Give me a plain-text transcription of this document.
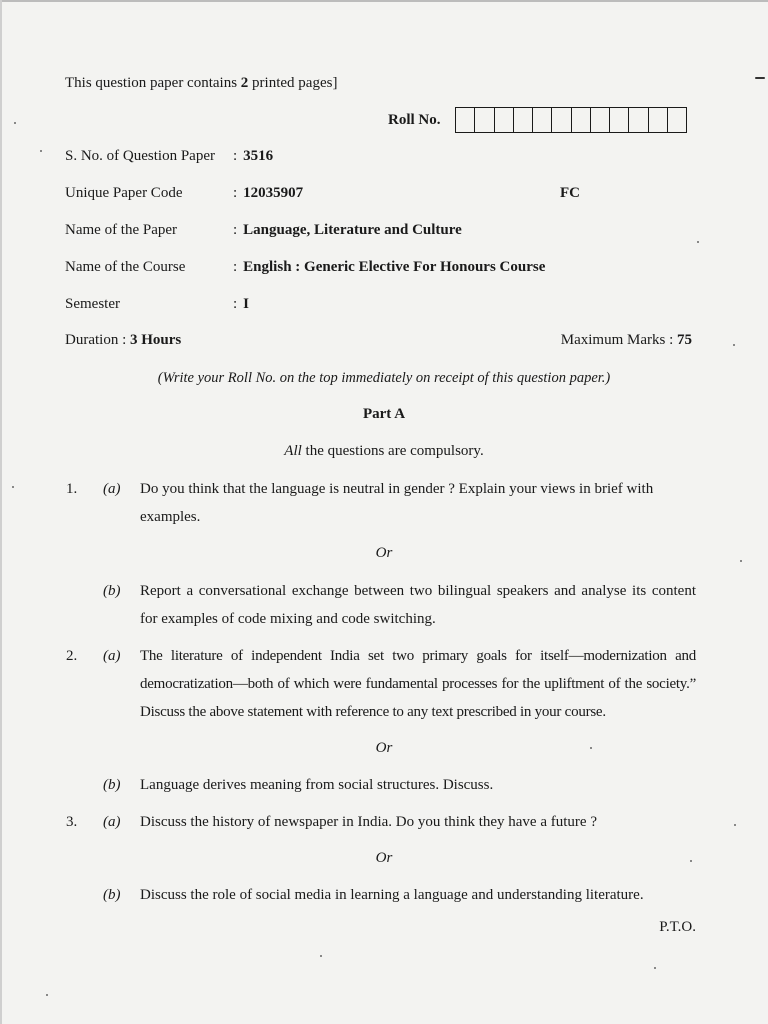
This question paper contains 2 printed pages]
Roll No.
S. No. of Question Paper : 3516
Unique Paper Code	: 12035907	FC
Name of the Paper	: Language, Literature and Culture
Name of the Course	: English : Generic Elective For Honours Course
Semester	: I
Duration : 3 Hours	Maximum Marks : 75
(Write your Roll No. on the top immediately on receipt of this question paper.)
Part A
All the questions are compulsory.
1. (a) Do you think that the language is neutral in gender ? Explain your views in brief with examples.
Or
(b) Report a conversational exchange between two bilingual speakers and analyse its content for examples of code mixing and code switching.
2. (a) The literature of independent India set two primary goals for itself—modernization and democratization—both of which were fundamental processes for the upliftment of the society.” Discuss the above statement with reference to any text prescribed in your course.
Or
(b) Language derives meaning from social structures. Discuss.
3. (a) Discuss the history of newspaper in India. Do you think they have a future ?
Or
(b) Discuss the role of social media in learning a language and understanding literature.
P.T.O.
